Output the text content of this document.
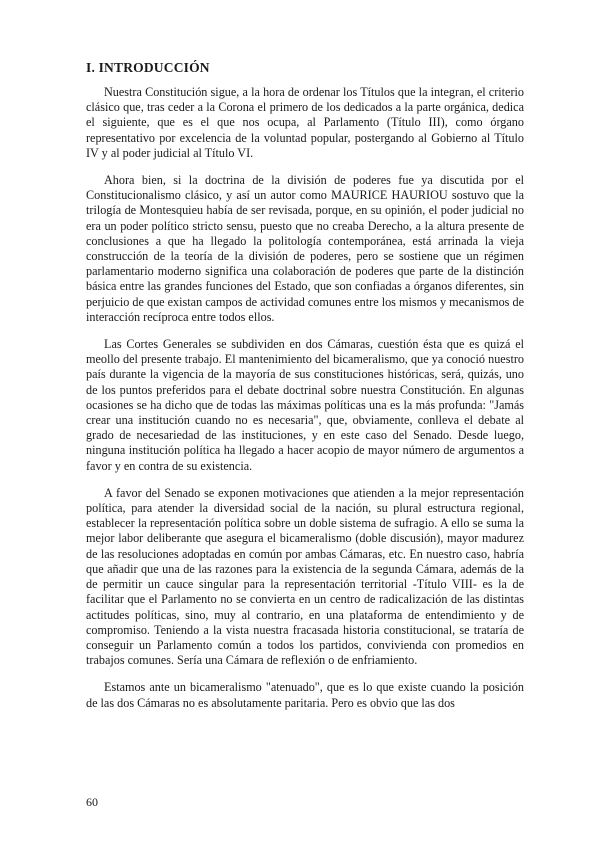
I. INTRODUCCIÓN

Nuestra Constitución sigue, a la hora de ordenar los Títulos que la integran, el criterio clásico que, tras ceder a la Corona el primero de los dedicados a la parte orgánica, dedica el siguiente, que es el que nos ocupa, al Parlamento (Título III), como órgano representativo por excelencia de la voluntad popular, postergando al Gobierno al Título IV y al poder judicial al Título VI.

Ahora bien, si la doctrina de la división de poderes fue ya discutida por el Constitucionalismo clásico, y así un autor como MAURICE HAURIOU sostuvo que la trilogía de Montesquieu había de ser revisada, porque, en su opinión, el poder judicial no era un poder político stricto sensu, puesto que no creaba Derecho, a la altura presente de conclusiones a que ha llegado la politología contemporánea, está arrinada la vieja construcción de la teoría de la división de poderes, pero se sostiene que un régimen parlamentario moderno significa una colaboración de poderes que parte de la distinción básica entre las grandes funciones del Estado, que son confiadas a órganos diferentes, sin perjuicio de que existan campos de actividad comunes entre los mismos y mecanismos de interacción recíproca entre todos ellos.

Las Cortes Generales se subdividen en dos Cámaras, cuestión ésta que es quizá el meollo del presente trabajo. El mantenimiento del bicameralismo, que ya conoció nuestro país durante la vigencia de la mayoría de sus constituciones históricas, será, quizás, uno de los puntos preferidos para el debate doctrinal sobre nuestra Constitución. En algunas ocasiones se ha dicho que de todas las máximas políticas una es la más profunda: "Jamás crear una institución cuando no es necesaria", que, obviamente, conlleva el debate al grado de necesariedad de las instituciones, y en este caso del Senado. Desde luego, ninguna institución política ha llegado a hacer acopio de mayor número de argumentos a favor y en contra de su existencia.

A favor del Senado se exponen motivaciones que atienden a la mejor representación política, para atender la diversidad social de la nación, su plural estructura regional, establecer la representación política sobre un doble sistema de sufragio. A ello se suma la mejor labor deliberante que asegura el bicameralismo (doble discusión), mayor madurez de las resoluciones adoptadas en común por ambas Cámaras, etc. En nuestro caso, habría que añadir que una de las razones para la existencia de la segunda Cámara, además de la de permitir un cauce singular para la representación territorial -Título VIII- es la de facilitar que el Parlamento no se convierta en un centro de radicalización de las distintas actitudes políticas, sino, muy al contrario, en una plataforma de entendimiento y de compromiso. Teniendo a la vista nuestra fracasada historia constitucional, se trataría de conseguir un Parlamento común a todos los partidos, convivienda con promedios en trabajos comunes. Sería una Cámara de reflexión o de enfriamiento.

Estamos ante un bicameralismo "atenuado", que es lo que existe cuando la posición de las dos Cámaras no es absolutamente paritaria. Pero es obvio que las dos

60
